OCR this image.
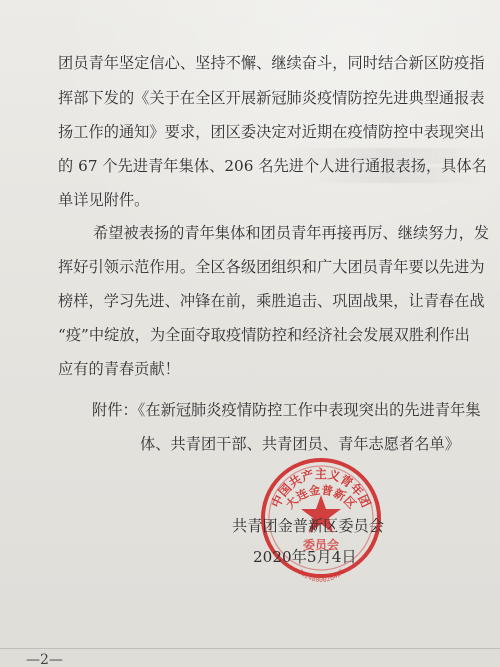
团员青年坚定信心、坚持不懈、继续奋斗，同时结合新区防疫指
挥部下发的《关于在全区开展新冠肺炎疫情防控先进典型通报表
扬工作的通知》要求，团区委决定对近期在疫情防控中表现突出
的 67 个先进青年集体、206 名先进个人进行通报表扬，具体名
单详见附件。
希望被表扬的青年集体和团员青年再接再厉、继续努力，发
挥好引领示范作用。全区各级团组织和广大团员青年要以先进为
榜样，学习先进、冲锋在前，乘胜追击、巩固战果，让青春在战
“疫”中绽放，为全面夺取疫情防控和经济社会发展双胜利作出
应有的青春贡献！
附件：《在新冠肺炎疫情防控工作中表现突出的先进青年集
体、共青团干部、共青团员、青年志愿者名单》
中国共产主义青年团
大连金普新区
1024800020429
委员会
共青团金普新区委员会
2020年5月4日
—2—
